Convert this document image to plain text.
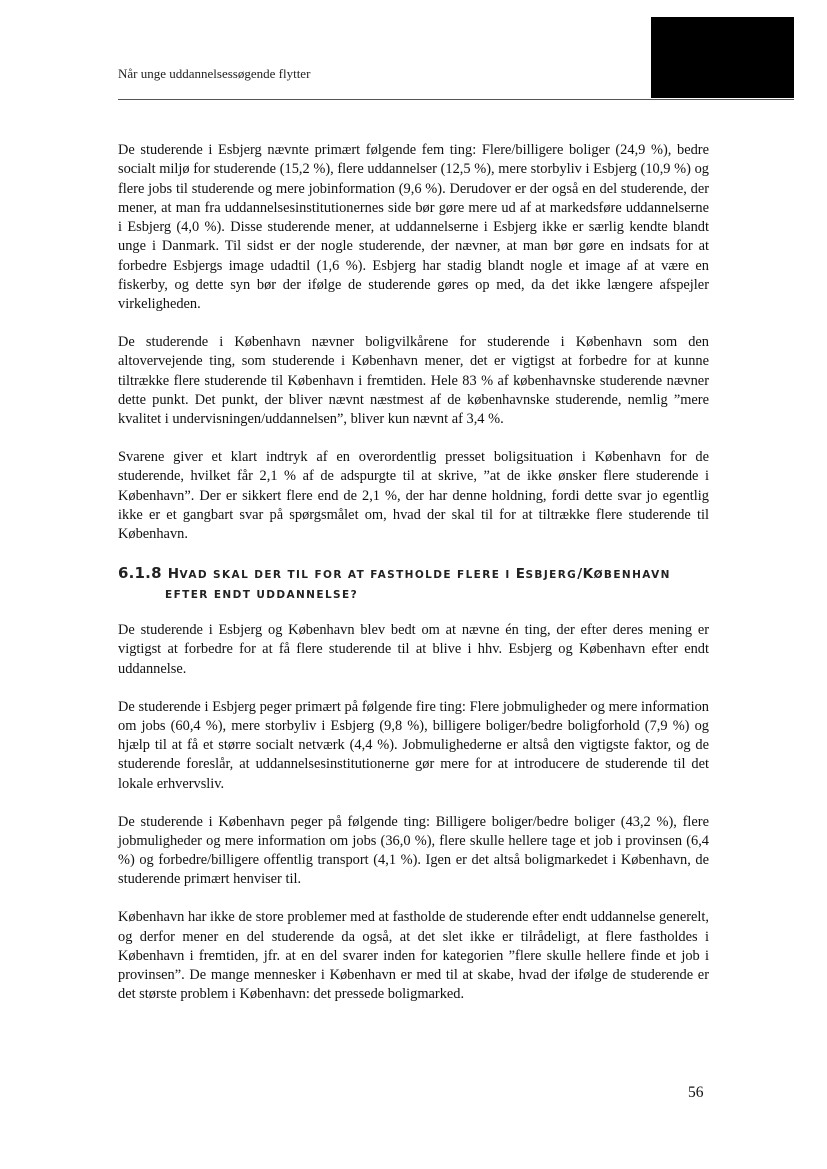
Når unge uddannelsessøgende flytter

De studerende i Esbjerg nævnte primært følgende fem ting: Flere/billigere boliger (24,9 %), bedre socialt miljø for studerende (15,2 %), flere uddannelser (12,5 %), mere storbyliv i Esbjerg (10,9 %) og flere jobs til studerende og mere jobinformation (9,6 %). Derudover er der også en del studerende, der mener, at man fra uddannelsesinstitutionernes side bør gøre mere ud af at markedsføre uddannelserne i Esbjerg (4,0 %). Disse studerende mener, at uddannelserne i Esbjerg ikke er særlig kendte blandt unge i Danmark. Til sidst er der nogle studerende, der nævner, at man bør gøre en indsats for at forbedre Esbjergs image udadtil (1,6 %). Esbjerg har stadig blandt nogle et image af at være en fiskerby, og dette syn bør der ifølge de studerende gøres op med, da det ikke længere afspejler virkeligheden.

De studerende i København nævner boligvilkårene for studerende i København som den altovervejende ting, som studerende i København mener, det er vigtigst at forbedre for at kunne tiltrække flere studerende til København i fremtiden. Hele 83 % af københavnske studerende nævner dette punkt. Det punkt, der bliver nævnt næstmest af de københavnske studerende, nemlig ”mere kvalitet i undervisningen/uddannelsen”, bliver kun nævnt af 3,4 %.

Svarene giver et klart indtryk af en overordentlig presset boligsituation i København for de studerende, hvilket får 2,1 % af de adspurgte til at skrive, ”at de ikke ønsker flere studerende i København”. Der er sikkert flere end de 2,1 %, der har denne holdning, fordi dette svar jo egentlig ikke er et gangbart svar på spørgsmålet om, hvad der skal til for at tiltrække flere studerende til København.

6.1.8 HVAD SKAL DER TIL FOR AT FASTHOLDE FLERE I ESBJERG/KØBENHAVN
EFTER ENDT UDDANNELSE?

De studerende i Esbjerg og København blev bedt om at nævne én ting, der efter deres mening er vigtigst at forbedre for at få flere studerende til at blive i hhv. Esbjerg og København efter endt uddannelse.

De studerende i Esbjerg peger primært på følgende fire ting: Flere jobmuligheder og mere information om jobs (60,4 %), mere storbyliv i Esbjerg (9,8 %), billigere boliger/bedre boligforhold (7,9 %) og hjælp til at få et større socialt netværk (4,4 %). Jobmulighederne er altså den vigtigste faktor, og de studerende foreslår, at uddannelsesinstitutionerne gør mere for at introducere de studerende til det lokale erhvervsliv.

De studerende i København peger på følgende ting: Billigere boliger/bedre boliger (43,2 %), flere jobmuligheder og mere information om jobs (36,0 %), flere skulle hellere tage et job i provinsen (6,4 %) og forbedre/billigere offentlig transport (4,1 %). Igen er det altså boligmarkedet i København, de studerende primært henviser til.

København har ikke de store problemer med at fastholde de studerende efter endt uddannelse generelt, og derfor mener en del studerende da også, at det slet ikke er tilrådeligt, at flere fastholdes i København i fremtiden, jfr. at en del svarer inden for kategorien ”flere skulle hellere finde et job i provinsen”. De mange mennesker i København er med til at skabe, hvad der ifølge de studerende er det største problem i København: det pressede boligmarked.

56
